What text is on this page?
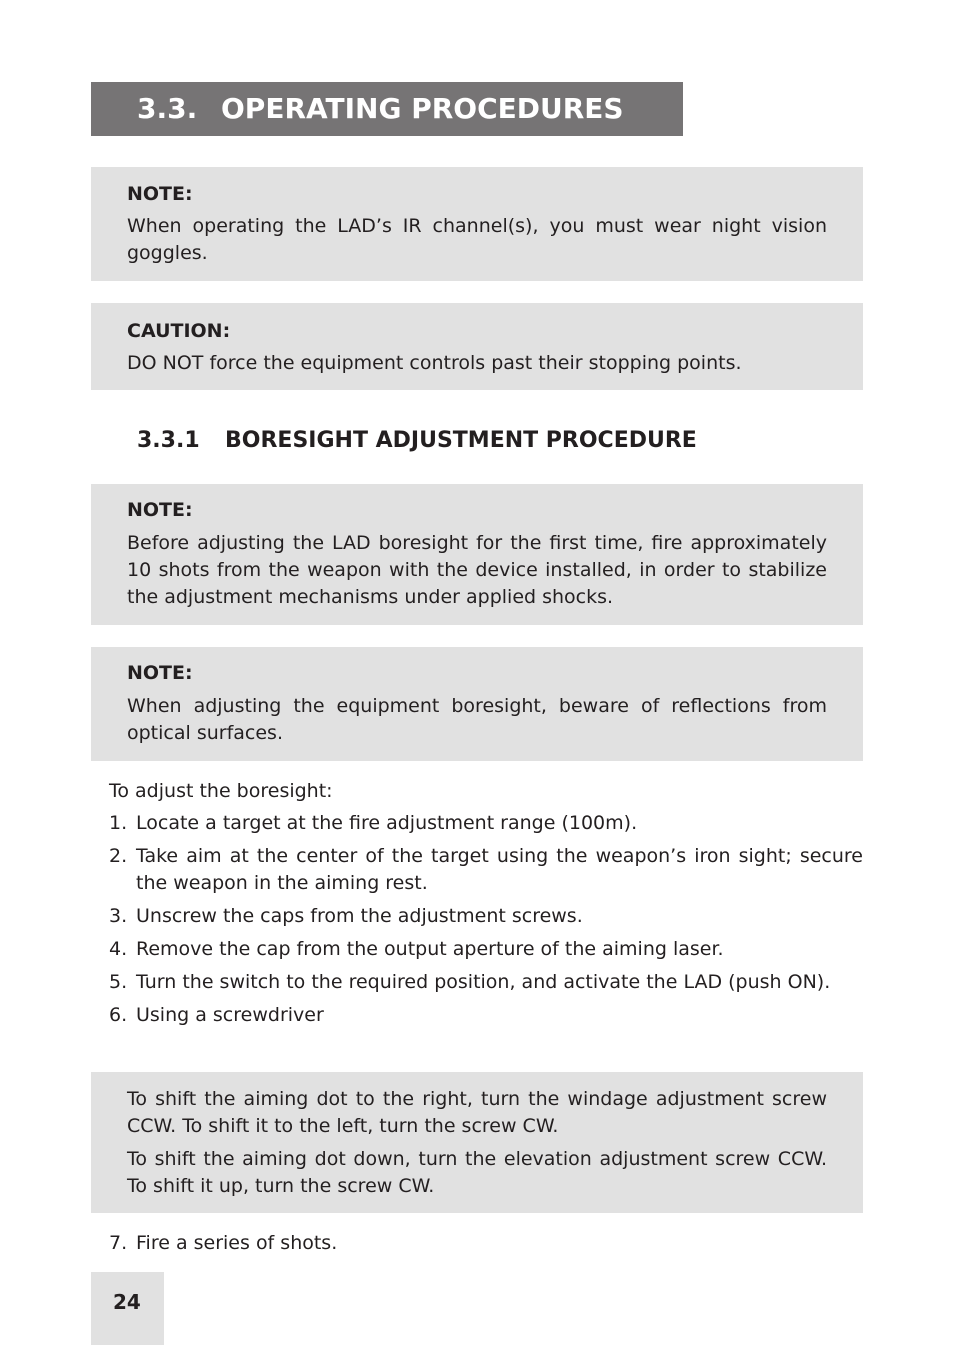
3.3. OPERATING PROCEDURES
NOTE:
When operating the LAD’s IR channel(s), you must wear night vision goggles.
CAUTION:
DO NOT force the equipment controls past their stopping points.
3.3.1 BORESIGHT ADJUSTMENT PROCEDURE
NOTE:
Before adjusting the LAD boresight for the first time, fire approximately 10 shots from the weapon with the device installed, in order to stabilize the adjustment mechanisms under applied shocks.
NOTE:
When adjusting the equipment boresight, beware of reflections from optical surfaces.
To adjust the boresight:
1. Locate a target at the fire adjustment range (100m).
2. Take aim at the center of the target using the weapon’s iron sight; secure the weapon in the aiming rest.
3. Unscrew the caps from the adjustment screws.
4. Remove the cap from the output aperture of the aiming laser.
5. Turn the switch to the required position, and activate the LAD (push ON).
6. Using a screwdriver
To shift the aiming dot to the right, turn the windage adjustment screw CCW. To shift it to the left, turn the screw CW.
To shift the aiming dot down, turn the elevation adjustment screw CCW. To shift it up, turn the screw CW.
7. Fire a series of shots.
24
